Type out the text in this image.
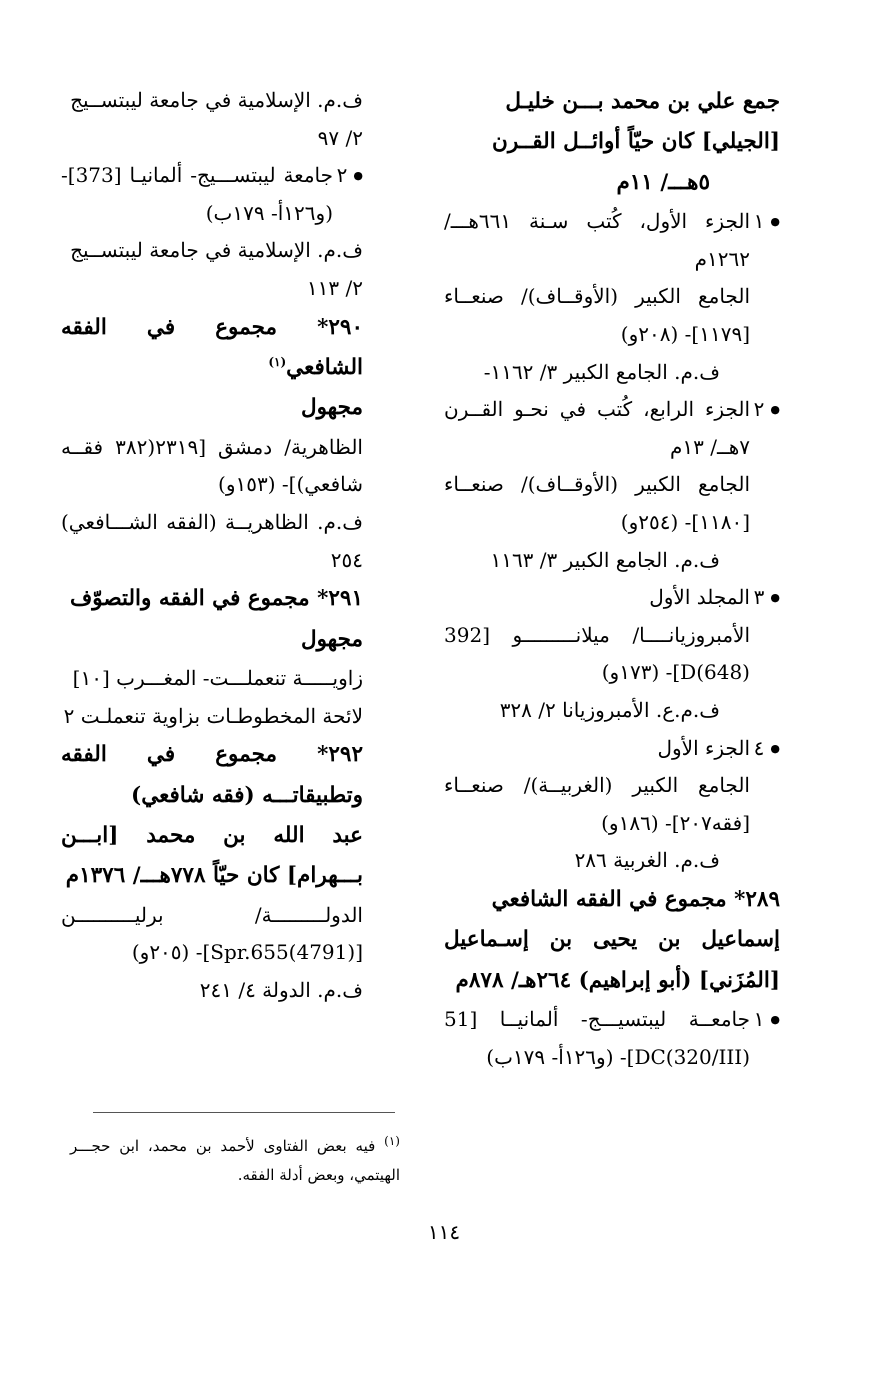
جمع علي بن محمد بـــن خليـل

[الجيلي] كان حيّاً أوائــل القــرن

٥هـــ/ ١١م

● ١

الجزء الأول، كُتب سـنة ٦٦١هـــ/ ١٢٦٢م

الجامع الكبير (الأوقــاف)/ صنعــاء [١١٧٩]- (٢٠٨و)

ف.م. الجامع الكبير ٣/ ١١٦٢-

● ٢

الجزء الرابع، كُتب في نحـو القــرن ٧هــ/ ١٣م

الجامع الكبير (الأوقــاف)/ صنعــاء [١١٨٠]- (٢٥٤و)

ف.م. الجامع الكبير ٣/ ١١٦٣

● ٣

المجلد الأول

الأمبروزيانــــا/ ميلانـــــــــو [392 D(648)]- (١٧٣و)

ف.م.ع. الأمبروزيانا ٢/ ٣٢٨

● ٤

الجزء الأول

الجامع الكبير (الغربيــة)/ صنعــاء [فقه٢٠٧]- (١٨٦و)

ف.م. الغربية ٢٨٦

٢٨٩* مجموع في الفقه الشافعي

إسماعيل بن يحيى بن إسـماعيل [المُزَني] (أبو إبراهيم) ٢٦٤هـ/ ٨٧٨م

● ١

جامعــة ليبتسيـــج- ألمانيــا [51 DC(320/III)]- (و١٢٦أ- ١٧٩ب)

ف.م. الإسلامية في جامعة ليبتســيج

٢/ ٩٧

● ٢

جامعة ليبتســـيج- ألمانيـا [373]- (و١٢٦أ- ١٧٩ب)

ف.م. الإسلامية في جامعة ليبتســيج

٢/ ١١٣

٢٩٠* مجموع في الفقه الشافعي$^{(١)}$

مجهول

الظاهرية/ دمشق [٢٣١٩(٣٨٢ فقــه شافعي)]- (١٥٣و)

ف.م. الظاهريــة (الفقه الشـــافعي) ٢٥٤

٢٩١* مجموع في الفقه والتصوّف

مجهول

زاويـــــة تنعملـــت- المغـــرب [١٠]

لائحة المخطوطـات بزاوية تنعملـت ٢

٢٩٢* مجموع في الفقه وتطبيقاتـــه (فقه شافعي)

عبد الله بن محمد [ابـــن بـــهرام] كان حيّاً ٧٧٨هـــ/ ١٣٧٦م

الدولـــــــــة/ برليــــــــــن [Spr.655(4791)]- (٢٠٥و)

ف.م. الدولة ٤/ ٢٤١

$^{(١)}$ فيه بعض الفتاوى لأحمد بن محمد، ابن حجـــر الهيتمي، وبعض أدلة الفقه.
١١٤
